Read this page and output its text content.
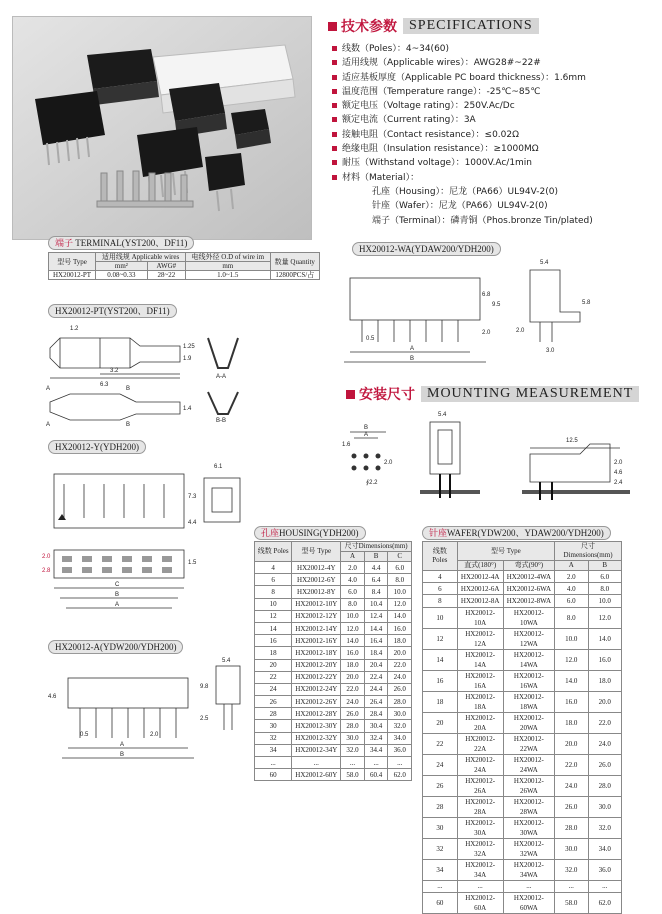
技术参数 SPECIFICATIONS
线数（Poles）：4~34(60)
适用线规（Applicable wires）：AWG28#~22#
适应基板厚度（Applicable PC board thickness）：1.6mm
温度范围（Temperature range）：-25℃~85℃
额定电压（Voltage rating）：250V.Ac/Dc
额定电流（Current rating）：3A
接触电阻（Contact resistance）：≤0.02Ω
绝缘电阻（Insulation resistance）：≥1000MΩ
耐压（Withstand voltage）：1000V.Ac/1min
材料（Material）：
孔座（Housing）：尼龙（PA66）UL94V-2(0)
针座（Wafer）：尼龙（PA66）UL94V-2(0)
端子（Terminal）：磷青铜（Phos.bronze Tin/plated)
端子 TERMINAL(YST200、DF11)
型号 Type	适用线规 Applicable wires		电线外径 O.D of wire im	数量 Quantity
	mm²	AWG#	mm	
HX20012-PT	0.08~0.33	28~22	1.0~1.5	12800PCS/占
HX20012-PT(YST200、DF11)
1.2
3.2
6.3
1.25
1.9
A-A
A
A
B
B
1.4
B-B
HX20012-Y(YDH200)
6.1
7.3
4.4
C
B
A
2.0
2.8
1.5
HX20012-A(YDW200/YDH200)
A
B
4.6
2.0
0.5
5.4
9.8
2.5
HX20012-WA(YDAW200/YDH200)
A
B
6.8
9.5
0.5
2.0
5.4
2.0
3.0
5.8
安装尺寸 MOUNTING MEASUREMENT
A
B
1.6
∮2.2
2.0
5.4
12.5
2.0
4.6
2.4
孔座HOUSING(YDH200)
线数 Poles	型号 Type	尺寸Dimensions(mm)		
		A	B	C
4	HX20012-4Y	2.0	4.4	6.0
6	HX20012-6Y	4.0	6.4	8.0
8	HX20012-8Y	6.0	8.4	10.0
10	HX20012-10Y	8.0	10.4	12.0
12	HX20012-12Y	10.0	12.4	14.0
14	HX20012-14Y	12.0	14.4	16.0
16	HX20012-16Y	14.0	16.4	18.0
18	HX20012-18Y	16.0	18.4	20.0
20	HX20012-20Y	18.0	20.4	22.0
22	HX20012-22Y	20.0	22.4	24.0
24	HX20012-24Y	22.0	24.4	26.0
26	HX20012-26Y	24.0	26.4	28.0
28	HX20012-28Y	26.0	28.4	30.0
30	HX20012-30Y	28.0	30.4	32.0
32	HX20012-32Y	30.0	32.4	34.0
34	HX20012-34Y	32.0	34.4	36.0
...	...	...	...	...
60	HX20012-60Y	58.0	60.4	62.0
针座WAFER(YDW200、YDAW200/YDH200)
线数 Poles	型号 Type		尺寸Dimensions(mm)	
	直式(180°)	弯式(90°)	A	B
4	HX20012-4A	HX20012-4WA	2.0	6.0
6	HX20012-6A	HX20012-6WA	4.0	8.0
8	HX20012-8A	HX20012-8WA	6.0	10.0
10	HX20012-10A	HX20012-10WA	8.0	12.0
12	HX20012-12A	HX20012-12WA	10.0	14.0
14	HX20012-14A	HX20012-14WA	12.0	16.0
16	HX20012-16A	HX20012-16WA	14.0	18.0
18	HX20012-18A	HX20012-18WA	16.0	20.0
20	HX20012-20A	HX20012-20WA	18.0	22.0
22	HX20012-22A	HX20012-22WA	20.0	24.0
24	HX20012-24A	HX20012-24WA	22.0	26.0
26	HX20012-26A	HX20012-26WA	24.0	28.0
28	HX20012-28A	HX20012-28WA	26.0	30.0
30	HX20012-30A	HX20012-30WA	28.0	32.0
32	HX20012-32A	HX20012-32WA	30.0	34.0
34	HX20012-34A	HX20012-34WA	32.0	36.0
...	...	...	...	...
60	HX20012-60A	HX20012-60WA	58.0	62.0
